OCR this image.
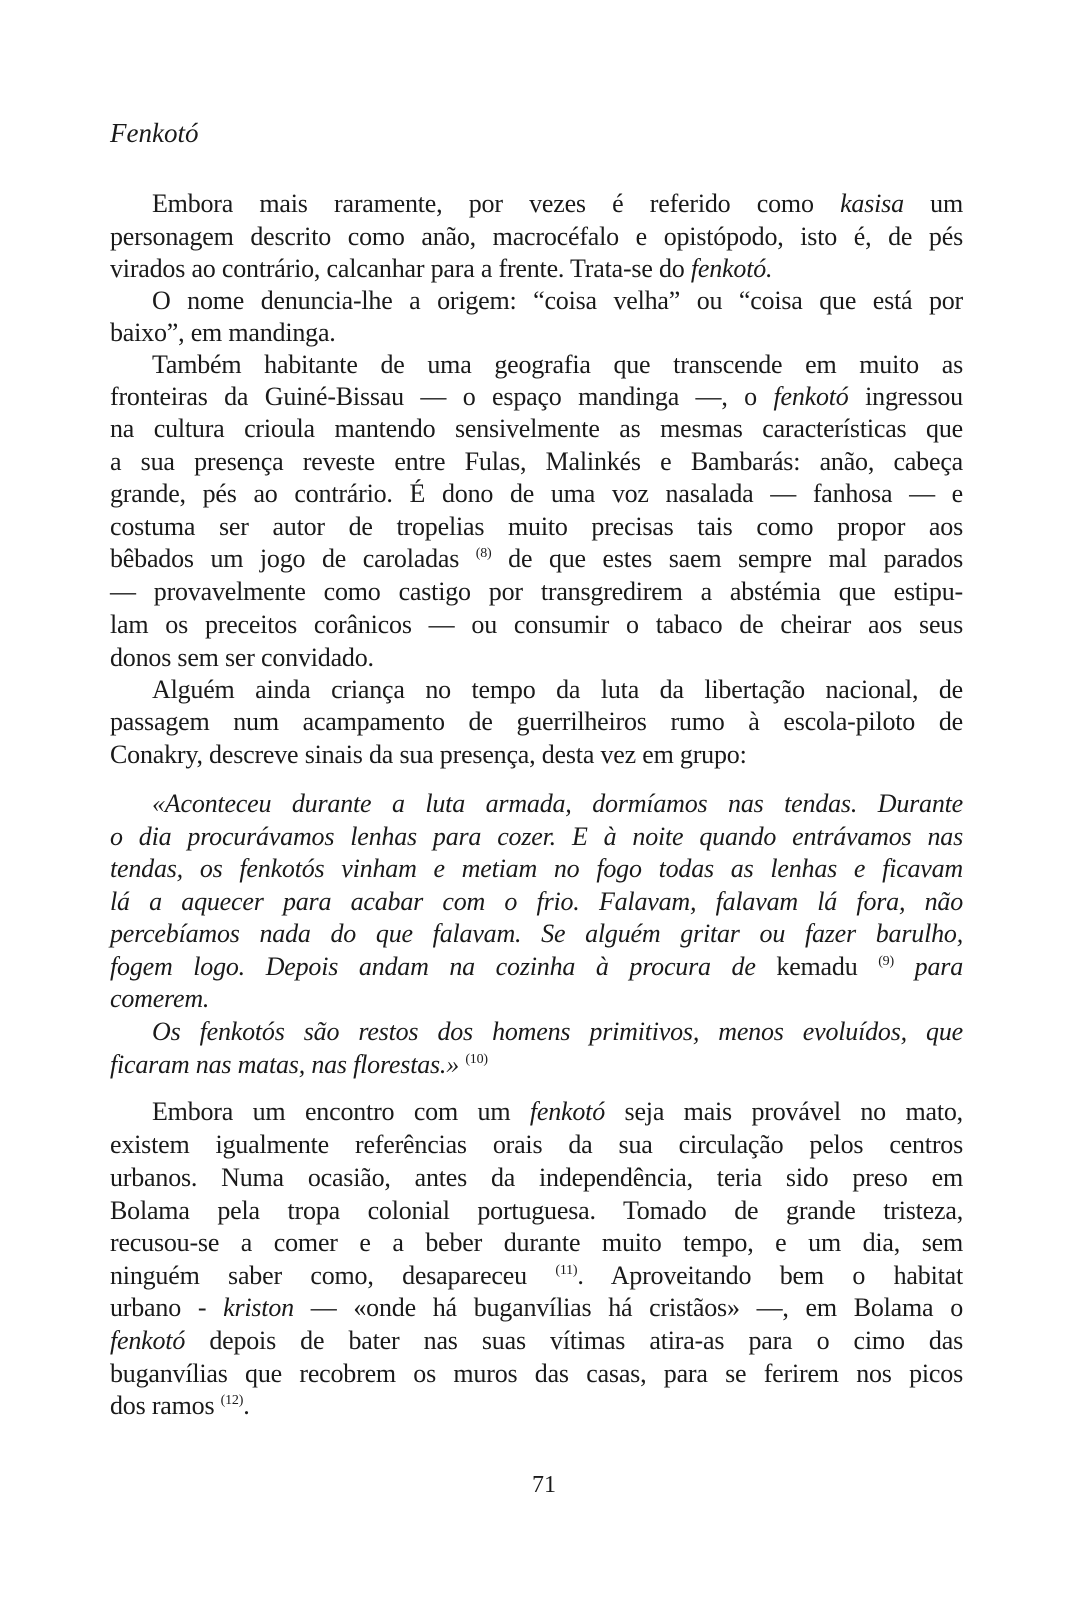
Fenkotó
Embora mais raramente, por vezes é referido como kasisa um
personagem descrito como anão, macrocéfalo e opistópodo, isto é, de pés
virados ao contrário, calcanhar para a frente. Trata-se do fenkotó.
O nome denuncia-lhe a origem: “coisa velha” ou “coisa que está por
baixo”, em mandinga.
Também habitante de uma geografia que transcende em muito as
fronteiras da Guiné-Bissau — o espaço mandinga —, o fenkotó ingressou
na cultura crioula mantendo sensivelmente as mesmas características que
a sua presença reveste entre Fulas, Malinkés e Bambarás: anão, cabeça
grande, pés ao contrário. É dono de uma voz nasalada — fanhosa — e
costuma ser autor de tropelias muito precisas tais como propor aos
bêbados um jogo de caroladas $^{(8)}$ de que estes saem sempre mal parados
— provavelmente como castigo por transgredirem a abstémia que estipu-
lam os preceitos corânicos — ou consumir o tabaco de cheirar aos seus
donos sem ser convidado.
Alguém ainda criança no tempo da luta da libertação nacional, de
passagem num acampamento de guerrilheiros rumo à escola-piloto de
Conakry, descreve sinais da sua presença, desta vez em grupo:
«Aconteceu durante a luta armada, dormíamos nas tendas. Durante
o dia procurávamos lenhas para cozer. E à noite quando entrávamos nas
tendas, os fenkotós vinham e metiam no fogo todas as lenhas e ficavam
lá a aquecer para acabar com o frio. Falavam, falavam lá fora, não
percebíamos nada do que falavam. Se alguém gritar ou fazer barulho,
fogem logo. Depois andam na cozinha à procura de kemadu $^{(9)}$ para
comerem.
Os fenkotós são restos dos homens primitivos, menos evoluídos, que
ficaram nas matas, nas florestas.» $^{(10)}$
Embora um encontro com um fenkotó seja mais provável no mato,
existem igualmente referências orais da sua circulação pelos centros
urbanos. Numa ocasião, antes da independência, teria sido preso em
Bolama pela tropa colonial portuguesa. Tomado de grande tristeza,
recusou-se a comer e a beber durante muito tempo, e um dia, sem
ninguém saber como, desapareceu $^{(11)}$. Aproveitando bem o habitat
urbano - kriston — «onde há buganvílias há cristãos» —, em Bolama o
fenkotó depois de bater nas suas vítimas atira-as para o cimo das
buganvílias que recobrem os muros das casas, para se ferirem nos picos
dos ramos $^{(12)}$.
71
